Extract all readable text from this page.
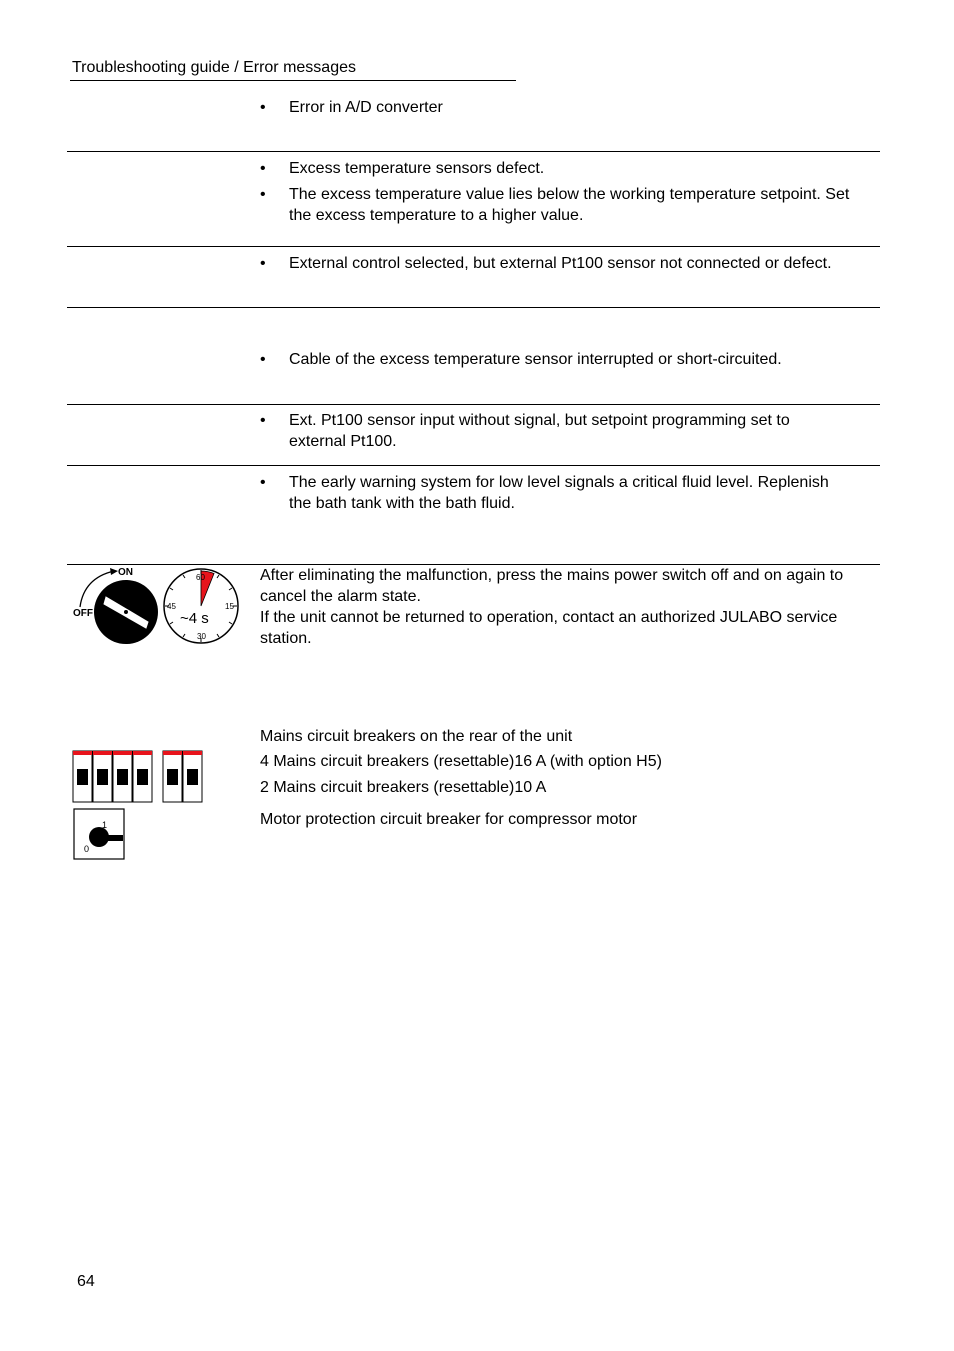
Troubleshooting guide / Error messages
• Error in A/D converter
• Excess temperature sensors defect.
• The excess temperature value lies below the working temperature setpoint. Set the excess temperature to a higher value.
• External control selected, but external Pt100 sensor not connected or defect.
• Cable of the excess temperature sensor interrupted or short-circuited.
• Ext. Pt100 sensor input without signal, but setpoint programming set to external Pt100.
• The early warning system for low level signals a critical fluid level. Replenish the bath tank with the bath fluid.
ON
OFF
60
15
30
45
~4 s
After eliminating the malfunction, press the mains power switch off and on again to cancel the alarm state.
If the unit cannot be returned to operation, contact an authorized JULABO service station.
Mains circuit breakers on the rear of the unit
4 Mains circuit breakers (resettable)16 A (with option H5)
2 Mains circuit breakers (resettable)10 A
Motor protection circuit breaker for compressor motor
1
0
64
